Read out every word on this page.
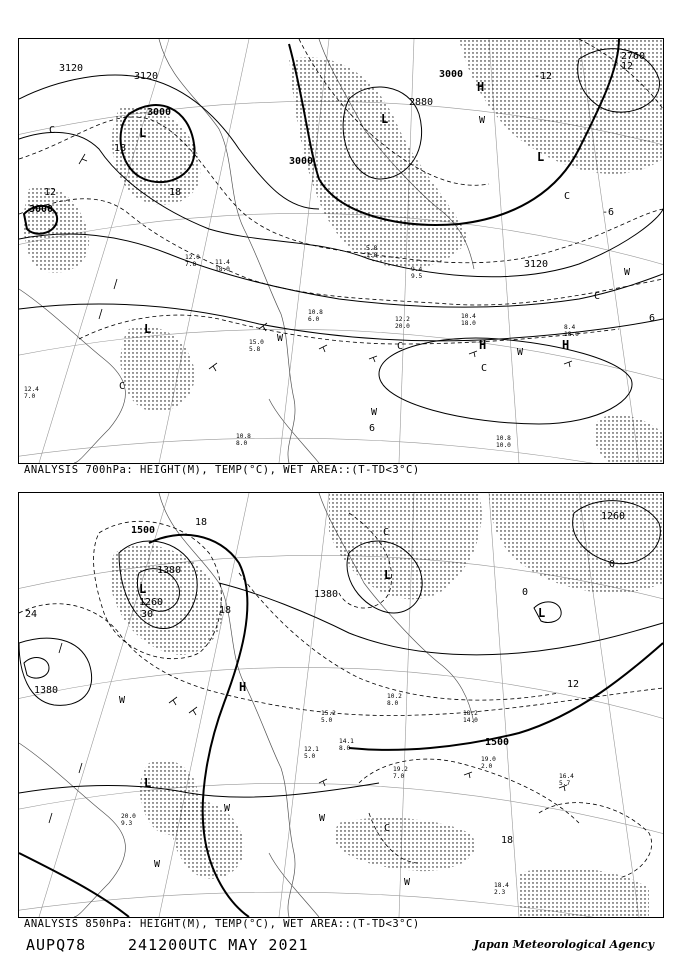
3120
3120
3000
3000
3000
2880
3000
2760
3120
-12
-6
6
12
12
18
18
6
L
L
L
L
H
H	H
C
C
C
C
C
C
W
W
W
W
W
10.4 18.0
12.2 20.0
10.8 6.0
8.4 18.0
10.8 10.0
9.4 9.5
5.8 1.8
11.4 18.0
12.0 7.8
15.0 5.8
10.8 8.0
12.4 7.0
ANALYSIS 700hPa: HEIGHT(M), TEMP(°C), WET AREA::(T-TD<3°C)
1500
1380
1260
1380
1380
1260
1500
24	30
18
18
12
18
0
0
L
L
L
L
H
C
C
W
W
W
W
W
19.0 2.0
16.4 5.7
19.2 7.0
18.4 2.3
20.0 9.3
14.1 8.0
12.1 5.0
10.2 8.0
15.2 5.0
18.2 14.0
ANALYSIS 850hPa: HEIGHT(M), TEMP(°C), WET AREA::(T-TD<3°C)
AUPQ78	241200UTC MAY 2021	Japan Meteorological Agency
